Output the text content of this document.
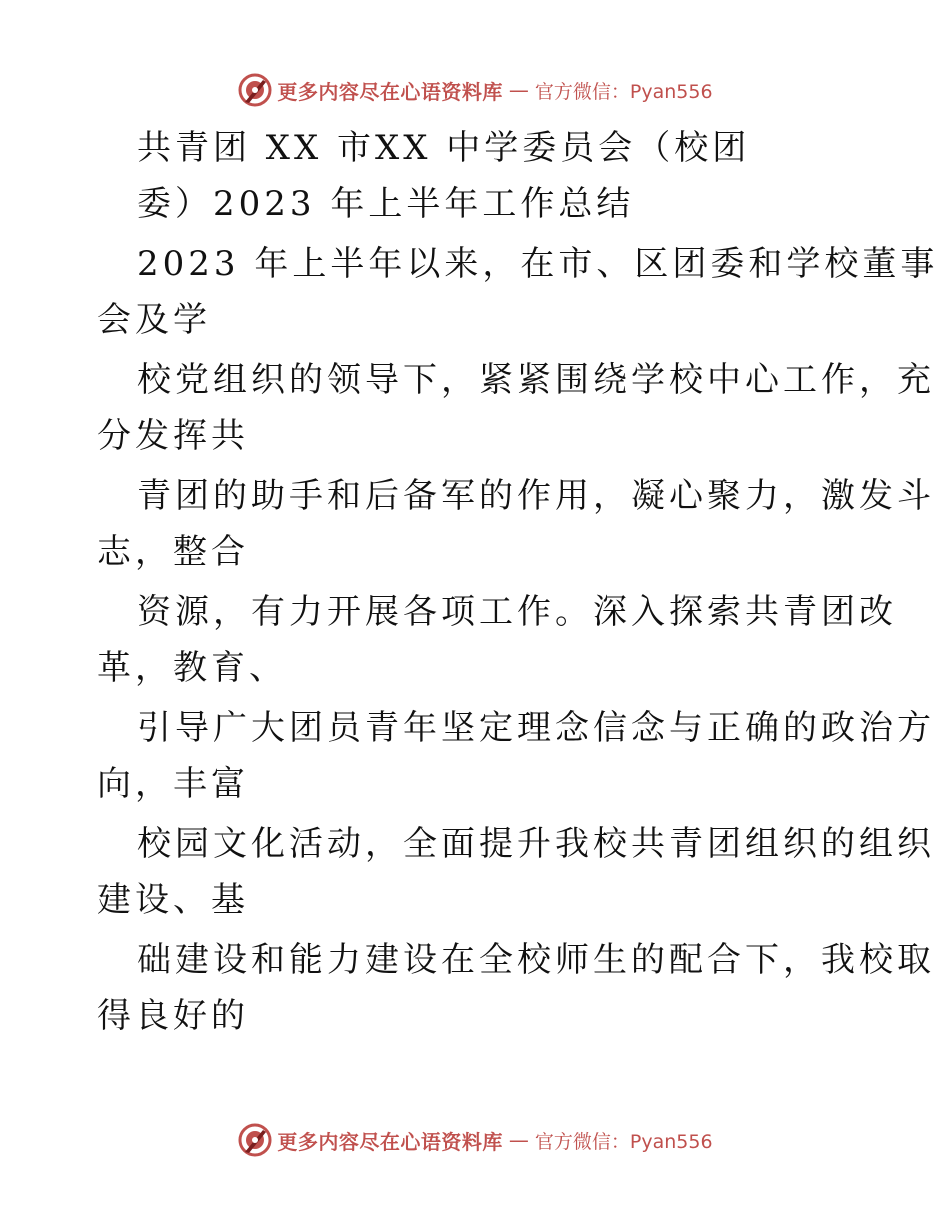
更多内容尽在心语资料库 — 官方微信：Pyan556
共青团 XX 市XX 中学委员会（校团
委）2023 年上半年工作总结
2023 年上半年以来，在市、区团委和学校董事
会及学
校党组织的领导下，紧紧围绕学校中心工作，充
分发挥共
青团的助手和后备军的作用，凝心聚力，激发斗
志，整合
资源，有力开展各项工作。深入探索共青团改
革，教育、
引导广大团员青年坚定理念信念与正确的政治方
向，丰富
校园文化活动，全面提升我校共青团组织的组织
建设、基
础建设和能力建设在全校师生的配合下，我校取
得良好的
更多内容尽在心语资料库 — 官方微信：Pyan556
